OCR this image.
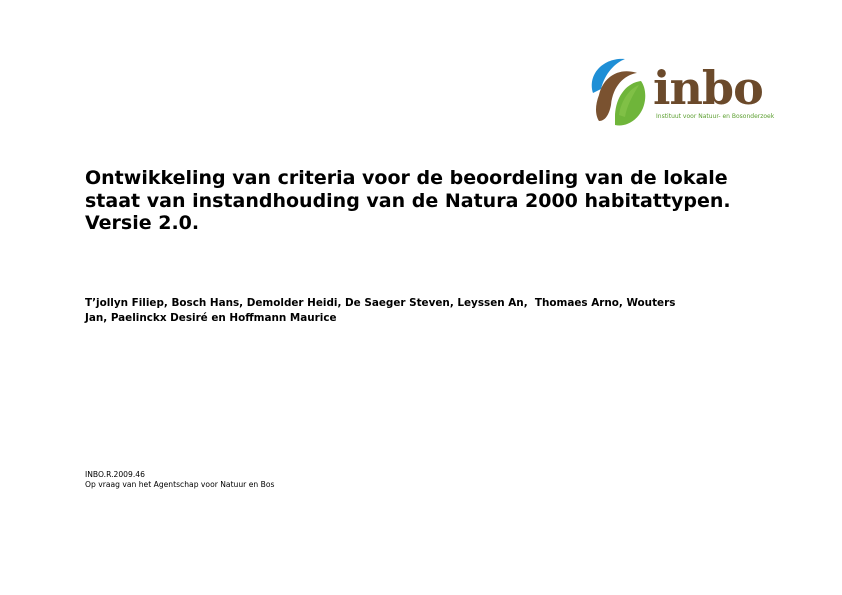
inbo
Instituut voor Natuur- en Bosonderzoek
Ontwikkeling van criteria voor de beoordeling van de lokale
staat van instandhouding van de Natura 2000 habitattypen.
Versie 2.0.

T’jollyn Filiep, Bosch Hans, Demolder Heidi, De Saeger Steven, Leyssen An,  Thomaes Arno, Wouters
Jan, Paelinckx Desiré en Hoffmann Maurice

INBO.R.2009.46
Op vraag van het Agentschap voor Natuur en Bos
